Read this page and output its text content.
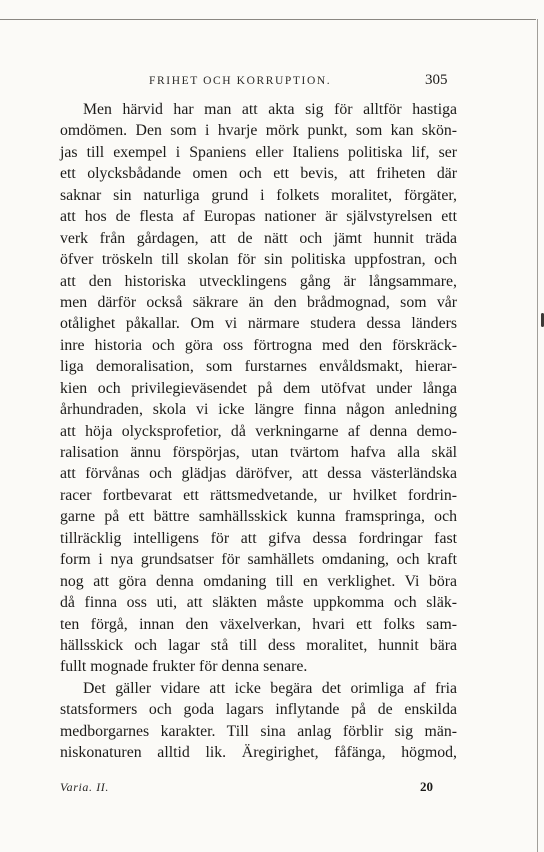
FRIHET OCH KORRUPTION.	305
Men härvid har man att akta sig för alltför hastiga
omdömen. Den som i hvarje mörk punkt, som kan skön-
jas till exempel i Spaniens eller Italiens politiska lif, ser
ett olycksbådande omen och ett bevis, att friheten där
saknar sin naturliga grund i folkets moralitet, förgäter,
att hos de flesta af Europas nationer är självstyrelsen ett
verk från gårdagen, att de nätt och jämt hunnit träda
öfver tröskeln till skolan för sin politiska uppfostran, och
att den historiska utvecklingens gång är långsammare,
men därför också säkrare än den brådmognad, som vår
otålighet påkallar. Om vi närmare studera dessa länders
inre historia och göra oss förtrogna med den förskräck-
liga demoralisation, som furstarnes envåldsmakt, hierar-
kien och privilegieväsendet på dem utöfvat under långa
århundraden, skola vi icke längre finna någon anledning
att höja olycksprofetior, då verkningarne af denna demo-
ralisation ännu förspörjas, utan tvärtom hafva alla skäl
att förvånas och glädjas däröfver, att dessa västerländska
racer fortbevarat ett rättsmedvetande, ur hvilket fordrin-
garne på ett bättre samhällsskick kunna framspringa, och
tillräcklig intelligens för att gifva dessa fordringar fast
form i nya grundsatser för samhällets omdaning, och kraft
nog att göra denna omdaning till en verklighet. Vi böra
då finna oss uti, att släkten måste uppkomma och släk-
ten förgå, innan den växelverkan, hvari ett folks sam-
hällsskick och lagar stå till dess moralitet, hunnit bära
fullt mognade frukter för denna senare.
Det gäller vidare att icke begära det orimliga af fria
statsformers och goda lagars inflytande på de enskilda
medborgarnes karakter. Till sina anlag förblir sig män-
niskonaturen alltid lik. Äregirighet, fåfänga, högmod,
Varia. II.	20
